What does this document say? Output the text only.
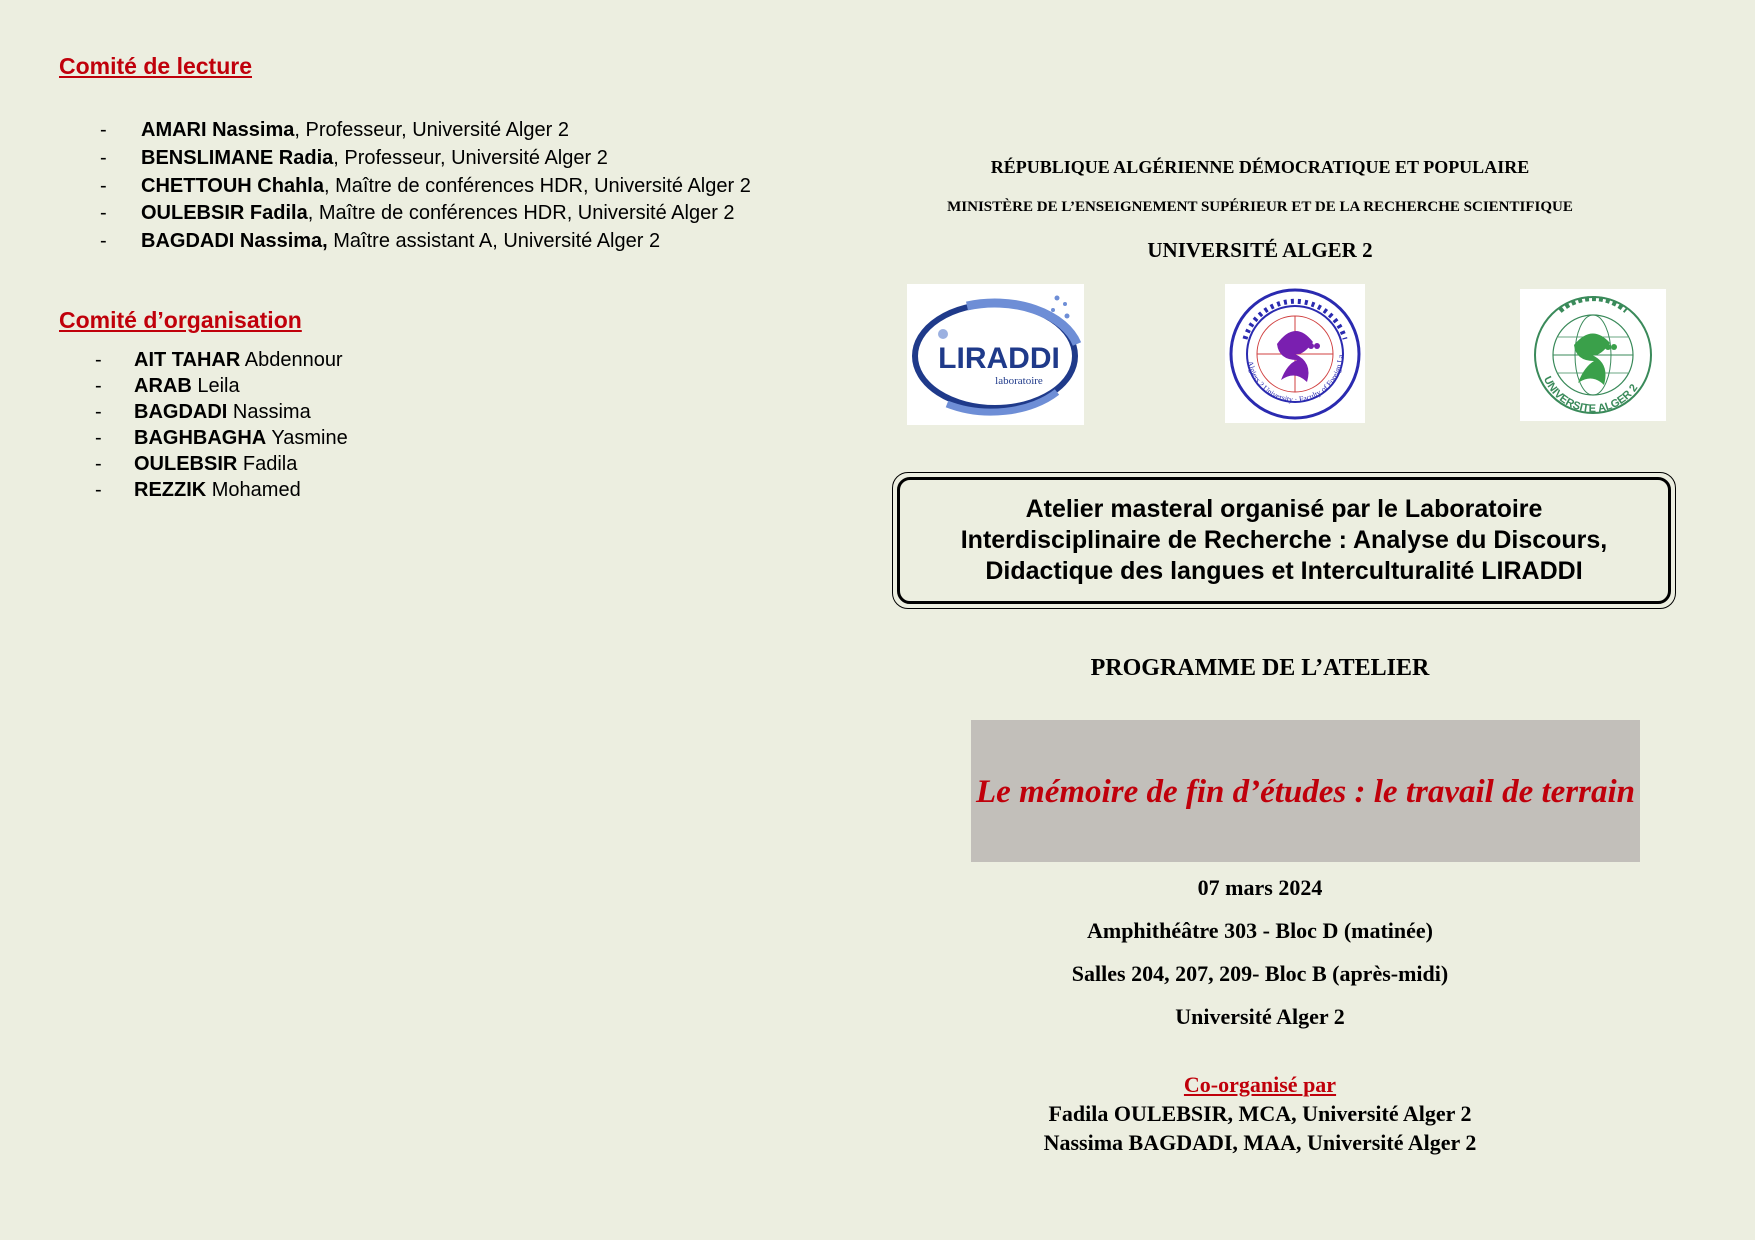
Comité de lecture
- AMARI Nassima, Professeur, Université Alger 2
- BENSLIMANE Radia, Professeur, Université Alger 2
- CHETTOUH Chahla, Maître de conférences HDR, Université Alger 2
- OULEBSIR Fadila, Maître de conférences HDR, Université Alger 2
- BAGDADI Nassima, Maître assistant A, Université Alger 2
Comité d’organisation
- AIT TAHAR Abdennour
- ARAB Leila
- BAGDADI Nassima
- BAGHBAGHA Yasmine
- OULEBSIR Fadila
- REZZIK Mohamed
RÉPUBLIQUE ALGÉRIENNE DÉMOCRATIQUE ET POPULAIRE
MINISTÈRE DE L’ENSEIGNEMENT SUPÉRIEUR ET DE LA RECHERCHE SCIENTIFIQUE
UNIVERSITÉ ALGER 2
LIRADDI
laboratoire
Algiers 2 University · Faculty of Foreign La
UNIVERSITE ALGER 2
Atelier masteral organisé par le Laboratoire Interdisciplinaire de Recherche : Analyse du Discours, Didactique des langues et Interculturalité LIRADDI
PROGRAMME DE L’ATELIER
Le mémoire de fin d’études : le travail de terrain
07 mars 2024
Amphithéâtre 303 - Bloc D (matinée)
Salles 204, 207, 209- Bloc B (après-midi)
Université Alger 2
Co-organisé par
Fadila OULEBSIR, MCA, Université Alger 2
Nassima BAGDADI, MAA, Université Alger 2
